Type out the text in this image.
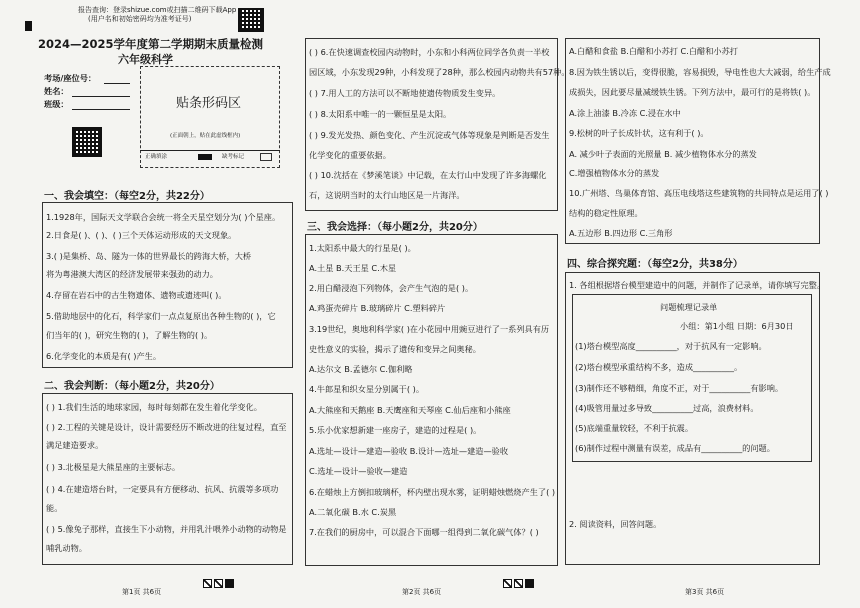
报告查询：登录shizue.com或扫描二维码下载App
(用户名和初始密码均为准考证号)
2024—2025学年度第二学期期末质量检测
六年级科学
考场/座位号：
姓名：
班级：	贴条形码区
(正面朝上，贴在此虚线框内)
正确填涂	缺考标记
一、我会填空：（每空2分，共22分）
1.1928年，国际天文学联合会统一将全天星空划分为( )个星座。
2.日食是( )、( )、( )三个天体运动形成的天文现象。
3.( )是集桥、岛、隧为一体的世界最长的跨海大桥，大桥
将为粤港澳大湾区的经济发展带来强劲的动力。
4.存留在岩石中的古生物遗体、遗物或遗迹叫( )。
5.借助地层中的化石，科学家们一点点复原出各种生物的( )，它
们当年的( )，研究生物的( )，了解生物的( )。
6.化学变化的本质是有( )产生。
二、我会判断：（每小题2分，共20分）
( ) 1.我们生活的地球家园，每时每刻都在发生着化学变化。
( ) 2.工程的关键是设计，设计需要经历不断改进的往复过程，直至
满足建造要求。
( ) 3.北极星是大熊星座的主要标志。
( ) 4.在建造塔台时，一定要具有方便移动、抗风、抗震等多项功
能。
( ) 5.像兔子那样，直接生下小动物，并用乳汁喂养小动物的动物是
哺乳动物。
第1页 共6页
( ) 6.在快速调查校园内动物时，小东和小科两位同学各负责一半校
园区域，小东发现29种，小科发现了28种，那么校园内动物共有57种。
( ) 7.用人工的方法可以不断地使遗传物质发生变异。
( ) 8.太阳系中唯一的一颗恒星是太阳。
( ) 9.发光发热、颜色变化、产生沉淀或气体等现象是判断是否发生
化学变化的重要依据。
( ) 10.沈括在《梦溪笔谈》中记载，在太行山中发现了许多海螺化
石，这说明当时的太行山地区是一片海洋。
三、我会选择：（每小题2分，共20分）
1.太阳系中最大的行星是( )。
A.土星 B.天王星 C.木星
2.用白醋浸泡下列物体，会产生气泡的是( )。
A.鸡蛋壳碎片 B.玻璃碎片 C.塑料碎片
3.19世纪，奥地利科学家( )在小花园中用豌豆进行了一系列具有历
史性意义的实验，揭示了遗传和变异之间奥秘。
A.达尔文 B.孟德尔 C.伽利略
4.牛郎星和织女星分别属于( )。
A.大熊座和天鹅座 B.天鹰座和天琴座 C.仙后座和小熊座
5.乐小优家想新建一座房子，建造的过程是( )。
A.选址—设计—建造—验收 B.设计—选址—建造—验收
C.选址—设计—验收—建造
6.在蜡烛上方倒扣玻璃杯，杯内壁出现水雾，证明蜡烛燃烧产生了( )
A.二氧化碳 B.水 C.炭黑
7.在我们的厨房中，可以混合下面哪一组得到二氧化碳气体？( )
第2页 共6页
A.白醋和食盐 B.白醋和小苏打 C.白醋和小苏打
8.因为铁生锈以后，变得很脆，容易损毁，导电性也大大减弱，给生产成
成损失，因此要尽量减缓铁生锈。下列方法中，最可行的是将铁( )。
A.涂上油漆 B.冷冻 C.浸在水中
9.松树的叶子长成针状，这有利于( )。
A. 减少叶子表面的光照量 B. 减少植物体水分的蒸发
C.增强植物体水分的蒸发
10.广州塔、鸟巢体育馆、高压电线塔这些建筑物的共同特点是运用了( )
结构的稳定性原理。
A.五边形 B.四边形 C.三角形
四、综合探究题：（每空2分，共38分）
1. 各组根据塔台模型建造中的问题，并制作了记录单，请你填写完整。
问题梳理记录单
小组：第1小组 日期：6月30日
(1)塔台模型高度__________，对于抗风有一定影响。
(2)塔台模型承重结构不多，造成__________。
(3)制作还不够精细，角度不正，对于__________有影响。
(4)吸管用量过多导致__________过高，浪费材料。
(5)底端重量较轻，不利于抗震。
(6)制作过程中测量有误差，成品有__________的问题。
2. 阅读资料，回答问题。
第3页 共6页
